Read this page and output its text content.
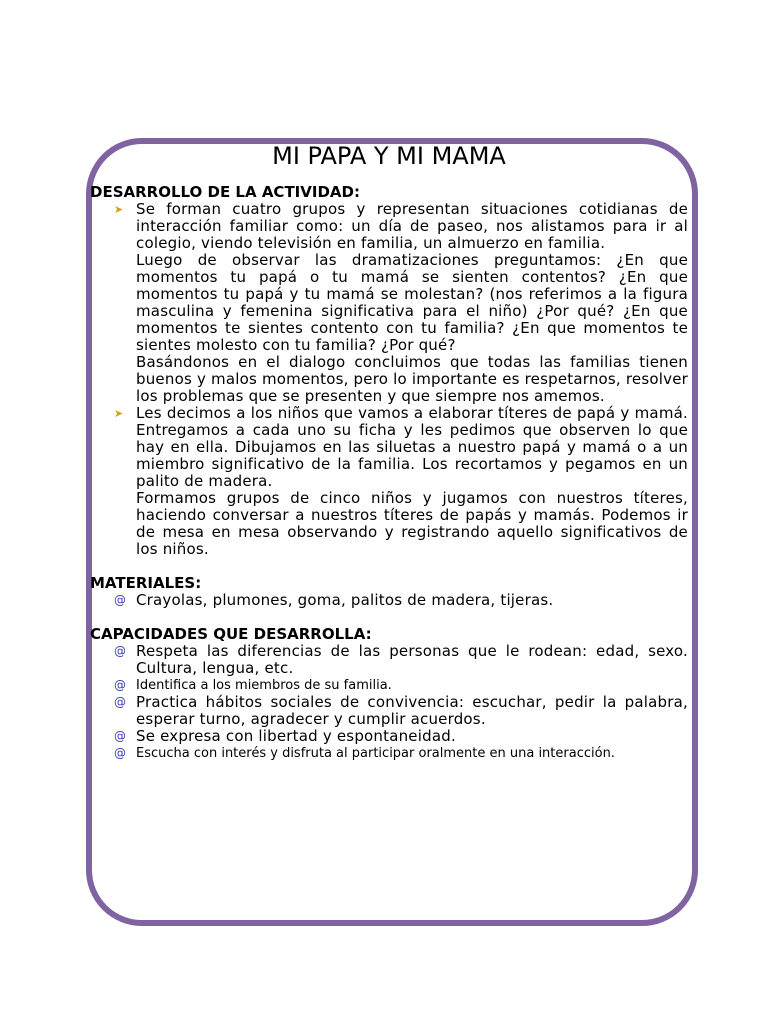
MI PAPA Y MI MAMA
DESARROLLO DE LA ACTIVIDAD:
➤ Se forman cuatro grupos y representan situaciones cotidianas de interacción familiar como: un día de paseo, nos alistamos para ir al colegio, viendo televisión en familia, un almuerzo en familia.

Luego de observar las dramatizaciones preguntamos: ¿En que momentos tu papá o tu mamá se sienten contentos? ¿En que momentos tu papá y tu mamá se molestan? (nos referimos a la figura masculina y femenina significativa para el niño) ¿Por qué? ¿En que momentos te sientes contento con tu familia? ¿En que momentos te sientes molesto con tu familia? ¿Por qué?

Basándonos en el dialogo concluimos que todas las familias tienen buenos y malos momentos, pero lo importante es respetarnos, resolver los problemas que se presenten y que siempre nos amemos.

➤ Les decimos a los niños que vamos a elaborar títeres de papá y mamá. Entregamos a cada uno su ficha y les pedimos que observen lo que hay en ella. Dibujamos en las siluetas a nuestro papá y mamá o a un miembro significativo de la familia. Los recortamos y pegamos en un palito de madera.

Formamos grupos de cinco niños y jugamos con nuestros títeres, haciendo conversar a nuestros títeres de papás y mamás. Podemos ir de mesa en mesa observando y registrando aquello significativos de los niños.

MATERIALES:
@ Crayolas, plumones, goma, palitos de madera, tijeras.

CAPACIDADES QUE DESARROLLA:
@ Respeta las diferencias de las personas que le rodean: edad, sexo. Cultura, lengua, etc.

@ Identifica a los miembros de su familia.

@ Practica hábitos sociales de convivencia: escuchar, pedir la palabra, esperar turno, agradecer y cumplir acuerdos.

@ Se expresa con libertad y espontaneidad.

@ Escucha con interés y disfruta al participar oralmente en una interacción.
